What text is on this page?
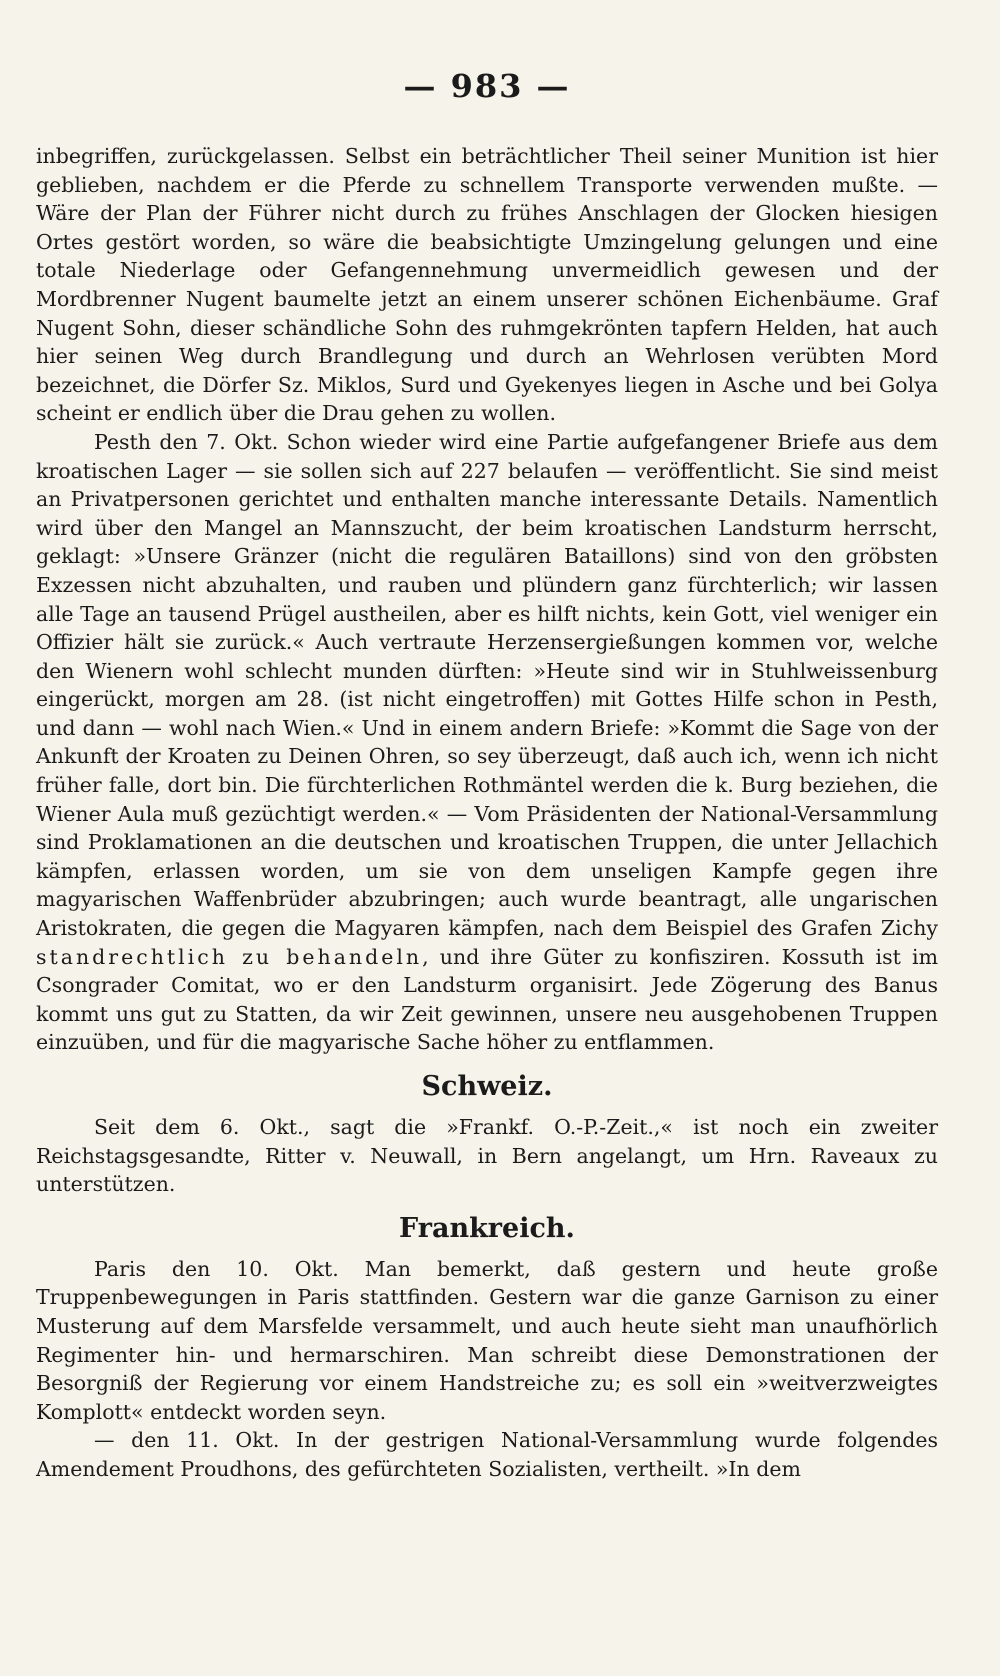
— 983 —

inbegriffen, zurückgelassen. Selbst ein beträchtlicher Theil seiner Munition ist hier geblieben, nachdem er die Pferde zu schnellem Transporte verwenden mußte. — Wäre der Plan der Führer nicht durch zu frühes Anschlagen der Glocken hiesigen Ortes gestört worden, so wäre die beabsichtigte Umzingelung gelungen und eine totale Niederlage oder Gefangennehmung unvermeidlich gewesen und der Mordbrenner Nugent baumelte jetzt an einem unserer schönen Eichenbäume. Graf Nugent Sohn, dieser schändliche Sohn des ruhmgekrönten tapfern Helden, hat auch hier seinen Weg durch Brandlegung und durch an Wehrlosen verübten Mord bezeichnet, die Dörfer Sz. Miklos, Surd und Gyekenyes liegen in Asche und bei Golya scheint er endlich über die Drau gehen zu wollen.

Pesth den 7. Okt. Schon wieder wird eine Partie aufgefangener Briefe aus dem kroatischen Lager — sie sollen sich auf 227 belaufen — veröffentlicht. Sie sind meist an Privatpersonen gerichtet und enthalten manche interessante Details. Namentlich wird über den Mangel an Mannszucht, der beim kroatischen Landsturm herrscht, geklagt: »Unsere Gränzer (nicht die regulären Bataillons) sind von den gröbsten Exzessen nicht abzuhalten, und rauben und plündern ganz fürchterlich; wir lassen alle Tage an tausend Prügel austheilen, aber es hilft nichts, kein Gott, viel weniger ein Offizier hält sie zurück.« Auch vertraute Herzensergießungen kommen vor, welche den Wienern wohl schlecht munden dürften: »Heute sind wir in Stuhlweissenburg eingerückt, morgen am 28. (ist nicht eingetroffen) mit Gottes Hilfe schon in Pesth, und dann — wohl nach Wien.« Und in einem andern Briefe: »Kommt die Sage von der Ankunft der Kroaten zu Deinen Ohren, so sey überzeugt, daß auch ich, wenn ich nicht früher falle, dort bin. Die fürchterlichen Rothmäntel werden die k. Burg beziehen, die Wiener Aula muß gezüchtigt werden.« — Vom Präsidenten der National-Versammlung sind Proklamationen an die deutschen und kroatischen Truppen, die unter Jellachich kämpfen, erlassen worden, um sie von dem unseligen Kampfe gegen ihre magyarischen Waffenbrüder abzubringen; auch wurde beantragt, alle ungarischen Aristokraten, die gegen die Magyaren kämpfen, nach dem Beispiel des Grafen Zichy standrechtlich zu behandeln, und ihre Güter zu konfisziren. Kossuth ist im Csongrader Comitat, wo er den Landsturm organisirt. Jede Zögerung des Banus kommt uns gut zu Statten, da wir Zeit gewinnen, unsere neu ausgehobenen Truppen einzuüben, und für die magyarische Sache höher zu entflammen.

Schweiz.

Seit dem 6. Okt., sagt die »Frankf. O.-P.-Zeit.,« ist noch ein zweiter Reichstagsgesandte, Ritter v. Neuwall, in Bern angelangt, um Hrn. Raveaux zu unterstützen.

Frankreich.

Paris den 10. Okt. Man bemerkt, daß gestern und heute große Truppenbewegungen in Paris stattfinden. Gestern war die ganze Garnison zu einer Musterung auf dem Marsfelde versammelt, und auch heute sieht man unaufhörlich Regimenter hin- und hermarschiren. Man schreibt diese Demonstrationen der Besorgniß der Regierung vor einem Handstreiche zu; es soll ein »weitverzweigtes Komplott« entdeckt worden seyn.

— den 11. Okt. In der gestrigen National-Versammlung wurde folgendes Amendement Proudhons, des gefürchteten Sozialisten, vertheilt. »In dem
